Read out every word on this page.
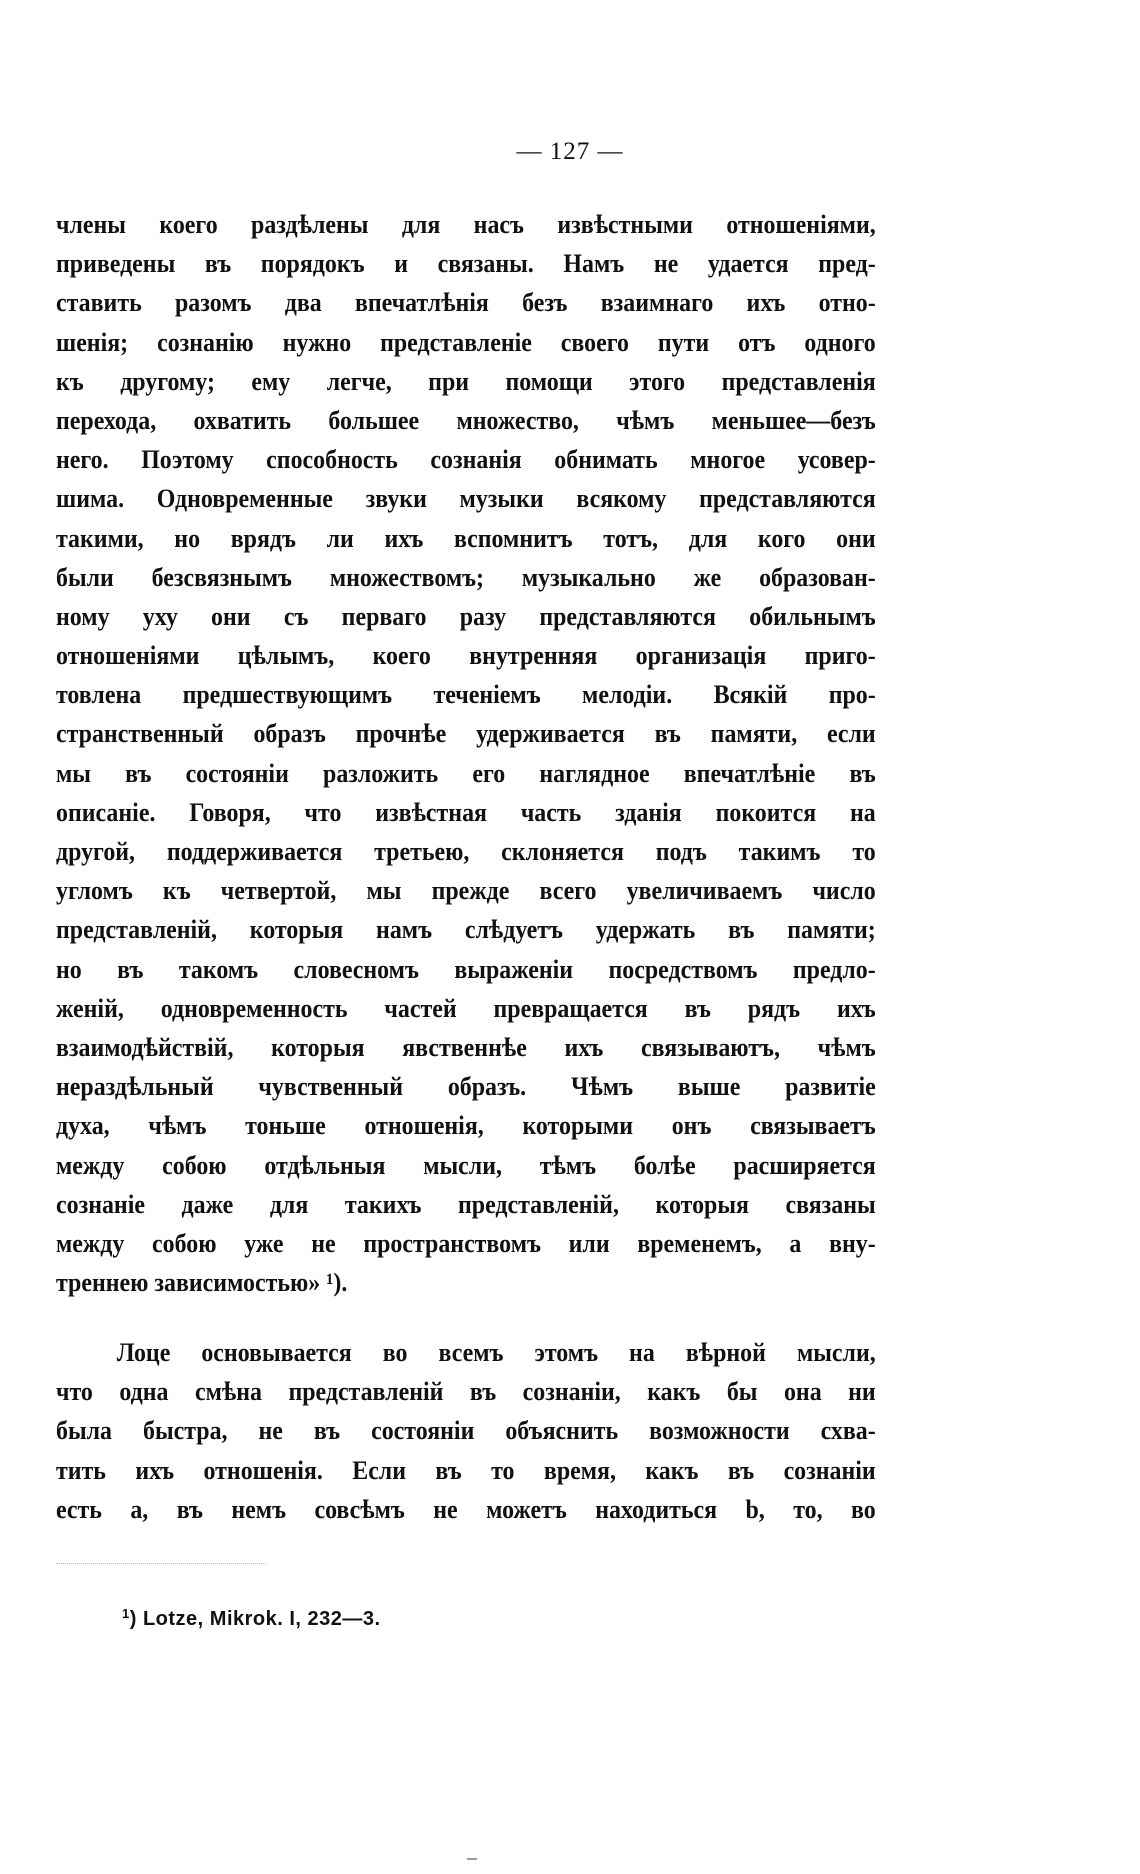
— 127 —
члены коего раздѣлены для насъ извѣстными отношеніями,
приведены въ порядокъ и связаны. Намъ не удается пред-
ставить разомъ два впечатлѣнія безъ взаимнаго ихъ отно-
шенія; сознанію нужно представленіе своего пути отъ одного
къ другому; ему легче, при помощи этого представленія
перехода, охватить большее множество, чѣмъ меньшее—безъ
него. Поэтому способность сознанія обнимать многое усовер-
шима. Одновременные звуки музыки всякому представляются
такими, но врядъ ли ихъ вспомнитъ тотъ, для кого они
были безсвязнымъ множествомъ; музыкально же образован-
ному уху они съ перваго разу представляются обильнымъ
отношеніями цѣлымъ, коего внутренняя организація приго-
товлена предшествующимъ теченіемъ мелодіи. Всякій про-
странственный образъ прочнѣе удерживается въ памяти, если
мы въ состояніи разложить его наглядное впечатлѣніе въ
описаніе. Говоря, что извѣстная часть зданія покоится на
другой, поддерживается третьею, склоняется подъ такимъ то
угломъ къ четвертой, мы прежде всего увеличиваемъ число
представленій, которыя намъ слѣдуетъ удержать въ памяти;
но въ такомъ словесномъ выраженіи посредствомъ предло-
женій, одновременность частей превращается въ рядъ ихъ
взаимодѣйствій, которыя явственнѣе ихъ связываютъ, чѣмъ
нераздѣльный чувственный образъ. Чѣмъ выше развитіе
духа, чѣмъ тоньше отношенія, которыми онъ связываетъ
между собою отдѣльныя мысли, тѣмъ болѣе расширяется
сознаніе даже для такихъ представленій, которыя связаны
между собою уже не пространствомъ или временемъ, а вну-
треннею зависимостью» ¹).
Лоце основывается во всемъ этомъ на вѣрной мысли,
что одна смѣна представленій въ сознаніи, какъ бы она ни
была быстра, не въ состояніи объяснить возможности схва-
тить ихъ отношенія. Если въ то время, какъ въ сознаніи
есть a, въ немъ совсѣмъ не можетъ находиться b, то, во
$^1$) Lotze, Mikrok. I, 232—3.
